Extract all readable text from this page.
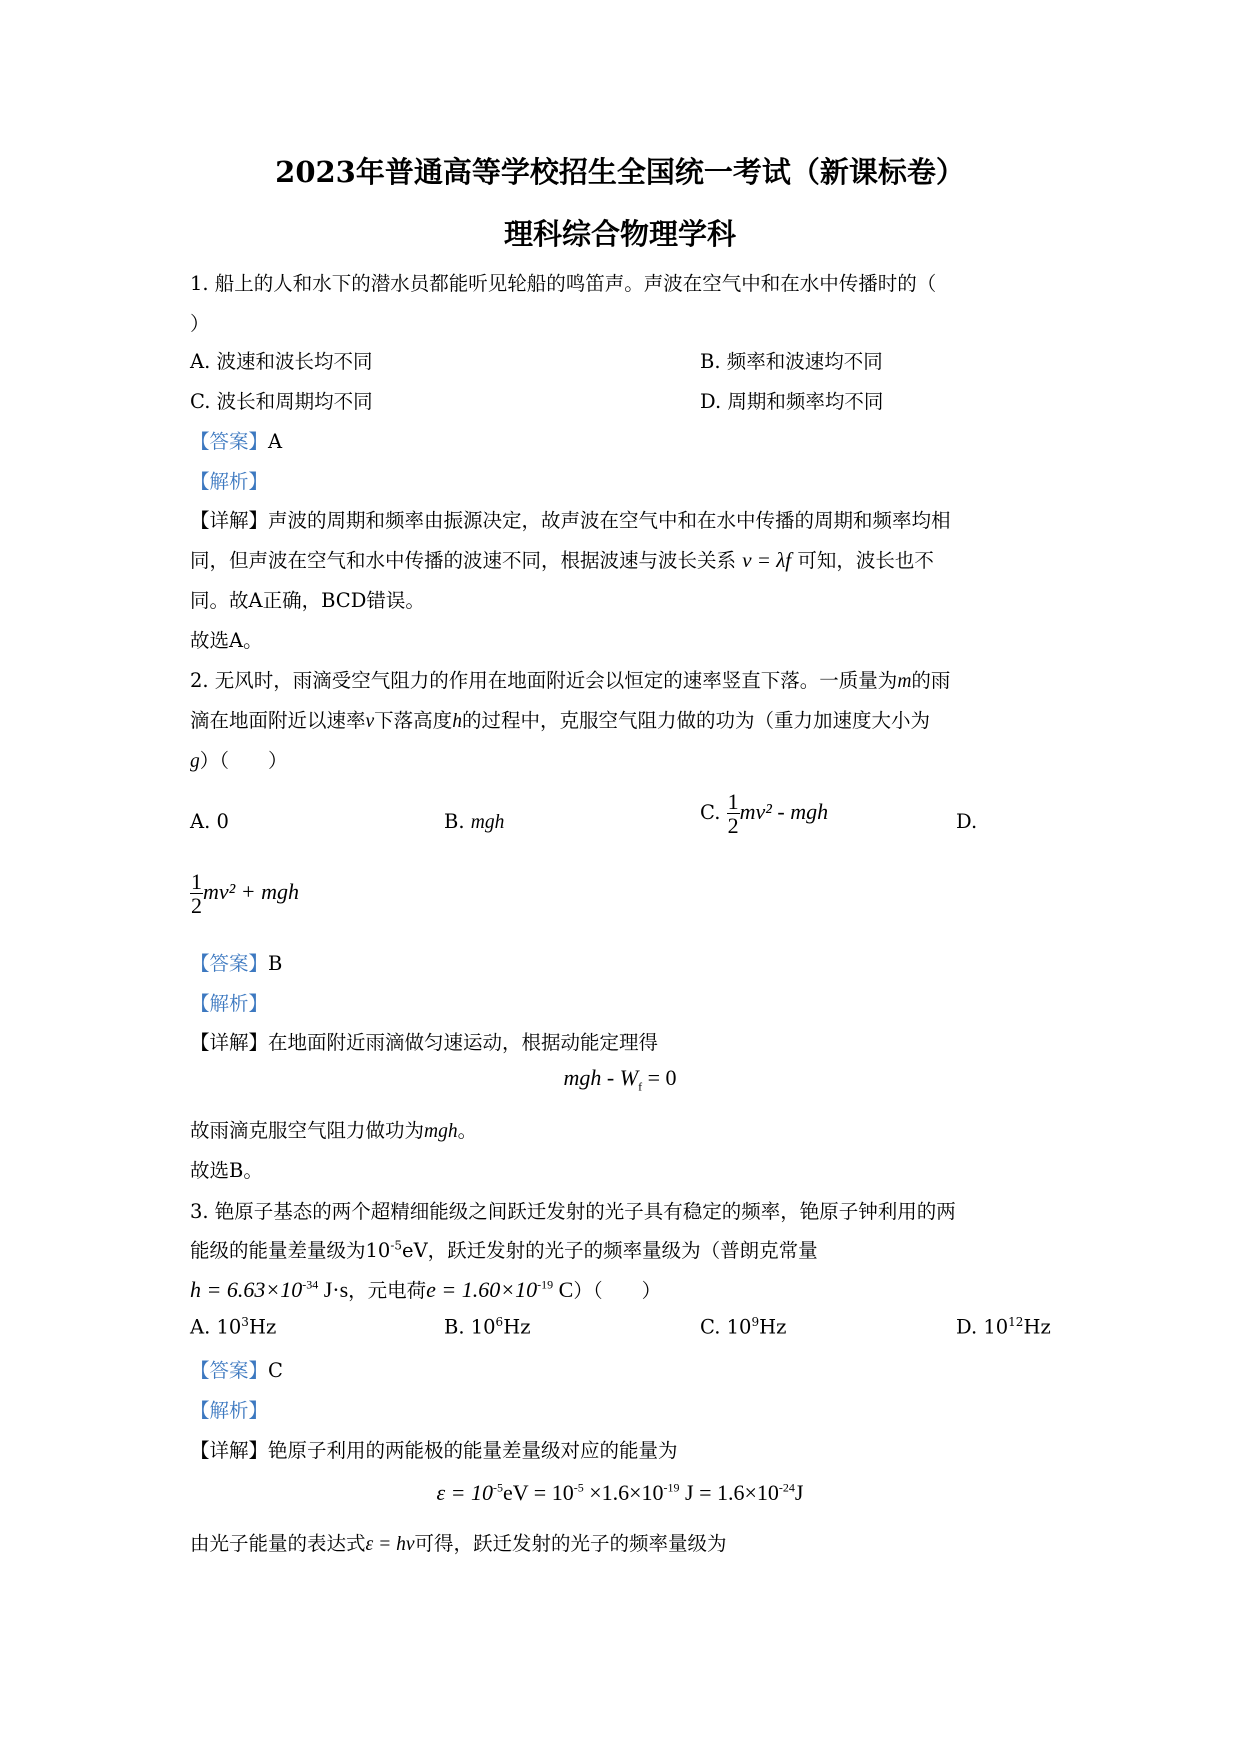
2023年普通高等学校招生全国统一考试（新课标卷）
理科综合物理学科
1. 船上的人和水下的潜水员都能听见轮船的鸣笛声。声波在空气中和在水中传播时的（
）
A. 波速和波长均不同	B. 频率和波速均不同
C. 波长和周期均不同	D. 周期和频率均不同
【答案】A
【解析】
【详解】声波的周期和频率由振源决定，故声波在空气中和在水中传播的周期和频率均相
同，但声波在空气和水中传播的波速不同，根据波速与波长关系 v = λf 可知，波长也不
同。故A正确，BCD错误。
故选A。
2. 无风时，雨滴受空气阻力的作用在地面附近会以恒定的速率竖直下落。一质量为m的雨
滴在地面附近以速率v下落高度h的过程中，克服空气阻力做的功为（重力加速度大小为
g）（　　）
A. 0	B. mgh	C. $\frac{1}{2} mv^2$ - mgh	D.
$\frac{1}{2} mv^2$ + mgh
【答案】B
【解析】
【详解】在地面附近雨滴做匀速运动，根据动能定理得
mgh - $W_f = 0$
故雨滴克服空气阻力做功为mgh。
故选B。
3. 铯原子基态的两个超精细能级之间跃迁发射的光子具有稳定的频率，铯原子钟利用的两
能级的能量差量级为$10^{-5}eV$，跃迁发射的光子的频率量级为（普朗克常量
$h = 6.63\times 10^{-34}$ J·s，元电荷$e = 1.60\times 10^{-19}$ C）（　　）
A. $10^3Hz$	B. $10^6Hz$	C. $10^9Hz$	D. $10^{12}Hz$
【答案】C
【解析】
【详解】铯原子利用的两能极的能量差量级对应的能量为
$\varepsilon = 10^{-5}eV = 10^{-5} \times 1.6\times 10^{-19}$ $J = 1.6\times 10^{-24}J$
由光子能量的表达式ε = hν可得，跃迁发射的光子的频率量级为
